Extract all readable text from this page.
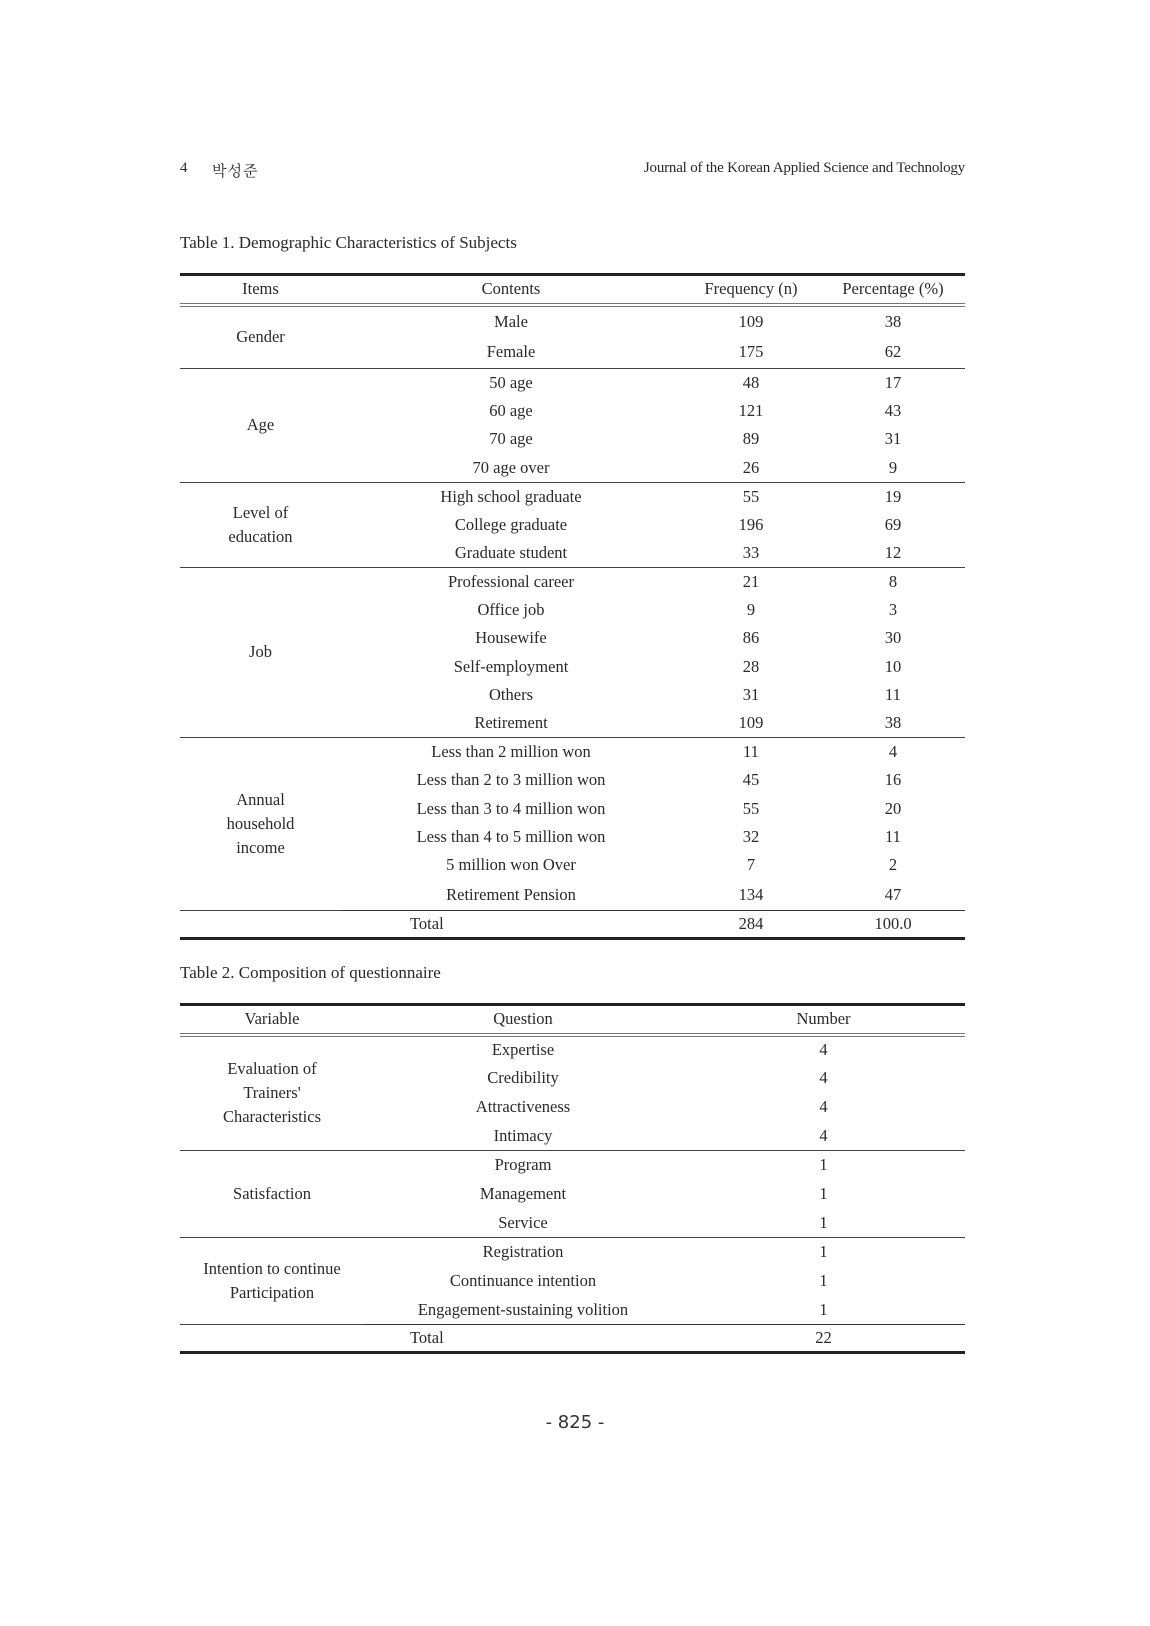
4 박성준	Journal of the Korean Applied Science and Technology
Table 1. Demographic Characteristics of Subjects
Items	Contents	Frequency (n)	Percentage (%)
Gender	Male	109	38
	Female	175	62
Age	50 age	48	17
	60 age	121	43
	70 age	89	31
	70 age over	26	9
Level of education	High school graduate	55	19
	College graduate	196	69
	Graduate student	33	12
Job	Professional career	21	8
	Office job	9	3
	Housewife	86	30
	Self-employment	28	10
	Others	31	11
	Retirement	109	38
Annual household income	Less than 2 million won	11	4
	Less than 2 to 3 million won	45	16
	Less than 3 to 4 million won	55	20
	Less than 4 to 5 million won	32	11
	5 million won Over	7	2
	Retirement Pension	134	47
Total		284	100.0
Table 2. Composition of questionnaire
Variable	Question	Number
Evaluation of Trainers' Characteristics	Expertise	4
	Credibility	4
	Attractiveness	4
	Intimacy	4
Satisfaction	Program	1
	Management	1
	Service	1
Intention to continue Participation	Registration	1
	Continuance intention	1
	Engagement-sustaining volition	1
Total		22
- 825 -
